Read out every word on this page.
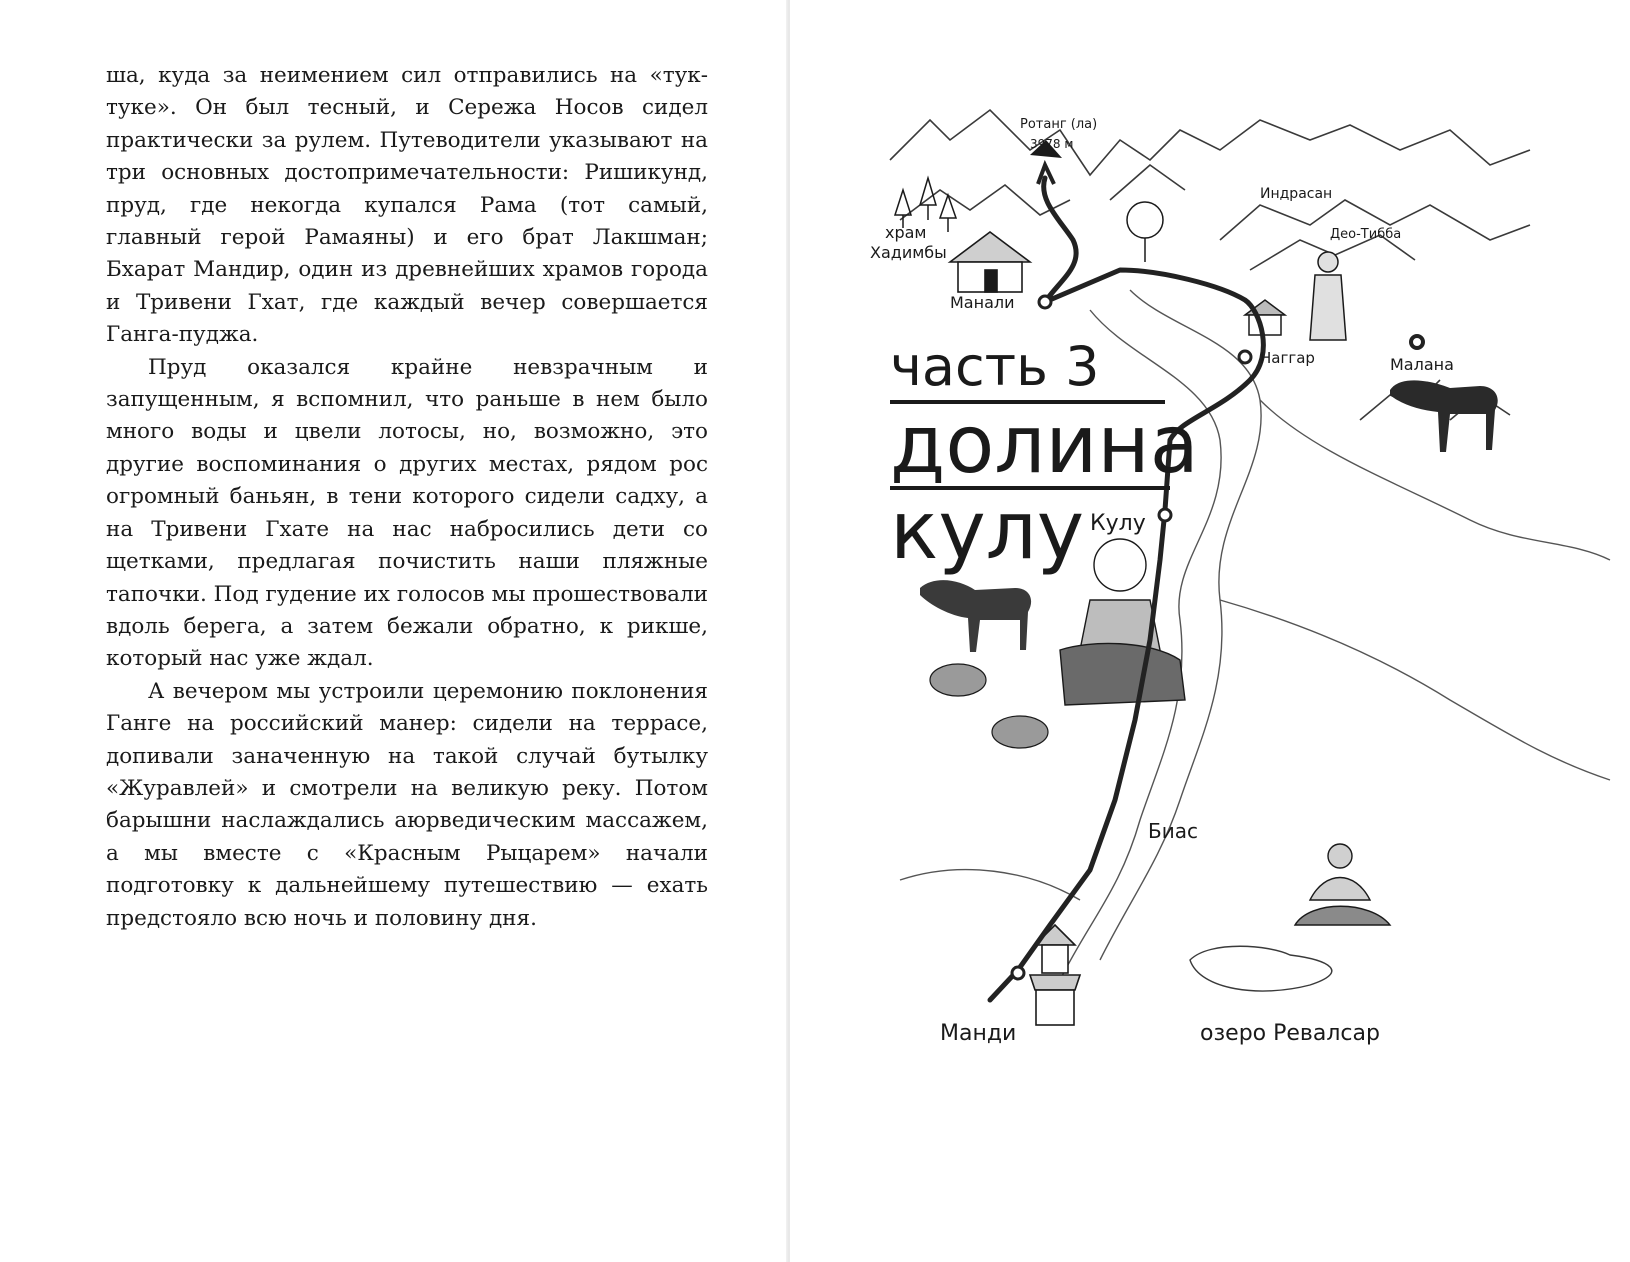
ша, куда за неимением сил отправились на «тук-туке». Он был тесный, и Сережа Носов сидел практически за рулем. Путеводители указывают на три основных достопримечательности: Ришикунд, пруд, где некогда купался Рама (тот самый, главный герой Рамаяны) и его брат Лакшман; Бхарат Мандир, один из древнейших храмов города и Тривени Гхат, где каждый вечер совершается Ганга-пуджа.

Пруд оказался крайне невзрачным и запущенным, я вспомнил, что раньше в нем было много воды и цвели лотосы, но, возможно, это другие воспоминания о других местах, рядом рос огромный баньян, в тени которого сидели садху, а на Тривени Гхате на нас набросились дети со щетками, предлагая почистить наши пляжные тапочки. Под гудение их голосов мы прошествовали вдоль берега, а затем бежали обратно, к рикше, который нас уже ждал.

А вечером мы устроили церемонию поклонения Ганге на российский манер: сидели на террасе, допивали заначенную на такой случай бутылку «Журавлей» и смотрели на великую реку. Потом барышни наслаждались аюрведическим массажем, а мы вместе с «Красным Рыцарем» начали подготовку к дальнейшему путешествию — ехать предстояло всю ночь и половину дня.

часть 3
долина
кулу
Ротанг (ла)
3978 м
Индрасан
Део-Тибба
храм
Хадимбы
Манали
Наггар	Малана
Кулу
Биас
Манди	озеро Ревалсар
